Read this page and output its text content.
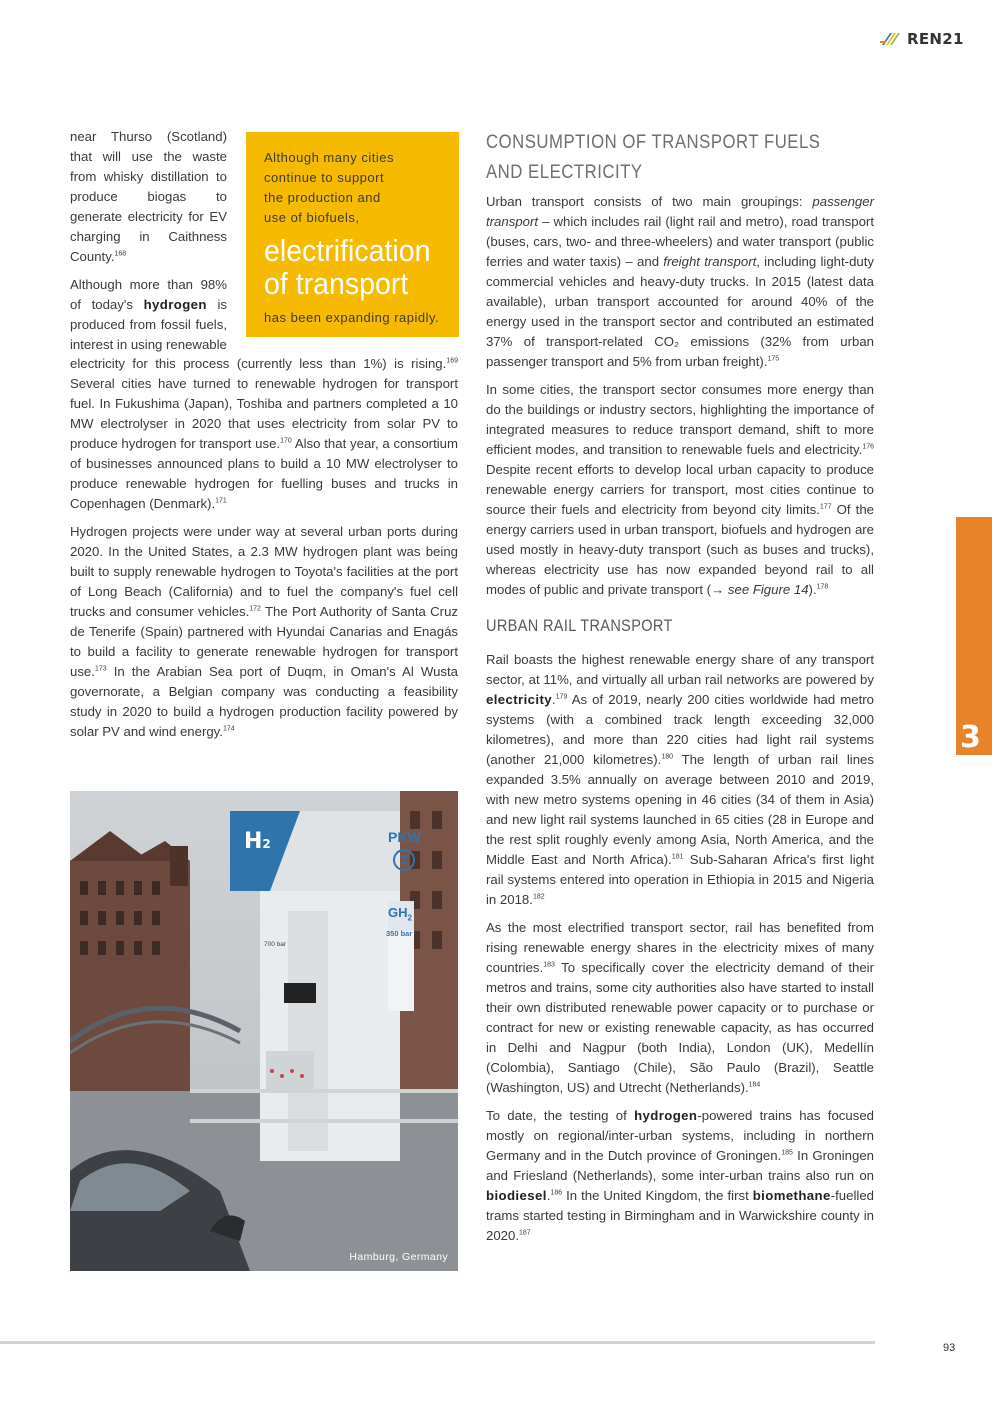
REN21

near Thurso (Scotland) that will use the waste from whisky distillation to produce biogas to generate electricity for EV charging in Caithness County.$^{168}$

Although more than 98% of today's hydrogen is produced from fossil fuels, interest in using renewable

Although many cities
continue to support
the production and
use of biofuels,
electrification
of transport
has been expanding rapidly.

electricity for this process (currently less than 1%) is rising.$^{169}$ Several cities have turned to renewable hydrogen for transport fuel. In Fukushima (Japan), Toshiba and partners completed a 10 MW electrolyser in 2020 that uses electricity from solar PV to produce hydrogen for transport use.$^{170}$ Also that year, a consortium of businesses announced plans to build a 10 MW electrolyser to produce renewable hydrogen for fuelling buses and trucks in Copenhagen (Denmark).$^{171}$

Hydrogen projects were under way at several urban ports during 2020. In the United States, a 2.3 MW hydrogen plant was being built to supply renewable hydrogen to Toyota's facilities at the port of Long Beach (California) and to fuel the company's fuel cell trucks and consumer vehicles.$^{172}$ The Port Authority of Santa Cruz de Tenerife (Spain) partnered with Hyundai Canarias and Enagás to build a facility to generate renewable hydrogen for transport use.$^{173}$ In the Arabian Sea port of Duqm, in Oman's Al Wusta governorate, a Belgian company was conducting a feasibility study in 2020 to build a hydrogen production facility powered by solar PV and wind energy.$^{174}$

PKW
2
$GH_2$
350 bar
700 bar
H2
Hamburg, Germany
CONSUMPTION OF TRANSPORT FUELS
AND ELECTRICITY

Urban transport consists of two main groupings: passenger transport – which includes rail (light rail and metro), road transport (buses, cars, two- and three-wheelers) and water transport (public ferries and water taxis) – and freight transport, including light-duty commercial vehicles and heavy-duty trucks. In 2015 (latest data available), urban transport accounted for around 40% of the energy used in the transport sector and contributed an estimated 37% of transport-related CO₂ emissions (32% from urban passenger transport and 5% from urban freight).$^{175}$

In some cities, the transport sector consumes more energy than do the buildings or industry sectors, highlighting the importance of integrated measures to reduce transport demand, shift to more efficient modes, and transition to renewable fuels and electricity.$^{176}$ Despite recent efforts to develop local urban capacity to produce renewable energy carriers for transport, most cities continue to source their fuels and electricity from beyond city limits.$^{177}$ Of the energy carriers used in urban transport, biofuels and hydrogen are used mostly in heavy-duty transport (such as buses and trucks), whereas electricity use has now expanded beyond rail to all modes of public and private transport (→ see Figure 14).$^{178}$

URBAN RAIL TRANSPORT

Rail boasts the highest renewable energy share of any transport sector, at 11%, and virtually all urban rail networks are powered by electricity.$^{179}$ As of 2019, nearly 200 cities worldwide had metro systems (with a combined track length exceeding 32,000 kilometres), and more than 220 cities had light rail systems (another 21,000 kilometres).$^{180}$ The length of urban rail lines expanded 3.5% annually on average between 2010 and 2019, with new metro systems opening in 46 cities (34 of them in Asia) and new light rail systems launched in 65 cities (28 in Europe and the rest split roughly evenly among Asia, North America, and the Middle East and North Africa).$^{181}$ Sub-Saharan Africa's first light rail systems entered into operation in Ethiopia in 2015 and Nigeria in 2018.$^{182}$

As the most electrified transport sector, rail has benefited from rising renewable energy shares in the electricity mixes of many countries.$^{183}$ To specifically cover the electricity demand of their metros and trains, some city authorities also have started to install their own distributed renewable power capacity or to purchase or contract for new or existing renewable capacity, as has occurred in Delhi and Nagpur (both India), London (UK), Medellín (Colombia), Santiago (Chile), São Paulo (Brazil), Seattle (Washington, US) and Utrecht (Netherlands).$^{184}$

To date, the testing of hydrogen-powered trains has focused mostly on regional/inter-urban systems, including in northern Germany and in the Dutch province of Groningen.$^{185}$ In Groningen and Friesland (Netherlands), some inter-urban trains also run on biodiesel.$^{186}$ In the United Kingdom, the first biomethane-fuelled trams started testing in Birmingham and in Warwickshire county in 2020.$^{187}$

3
93
